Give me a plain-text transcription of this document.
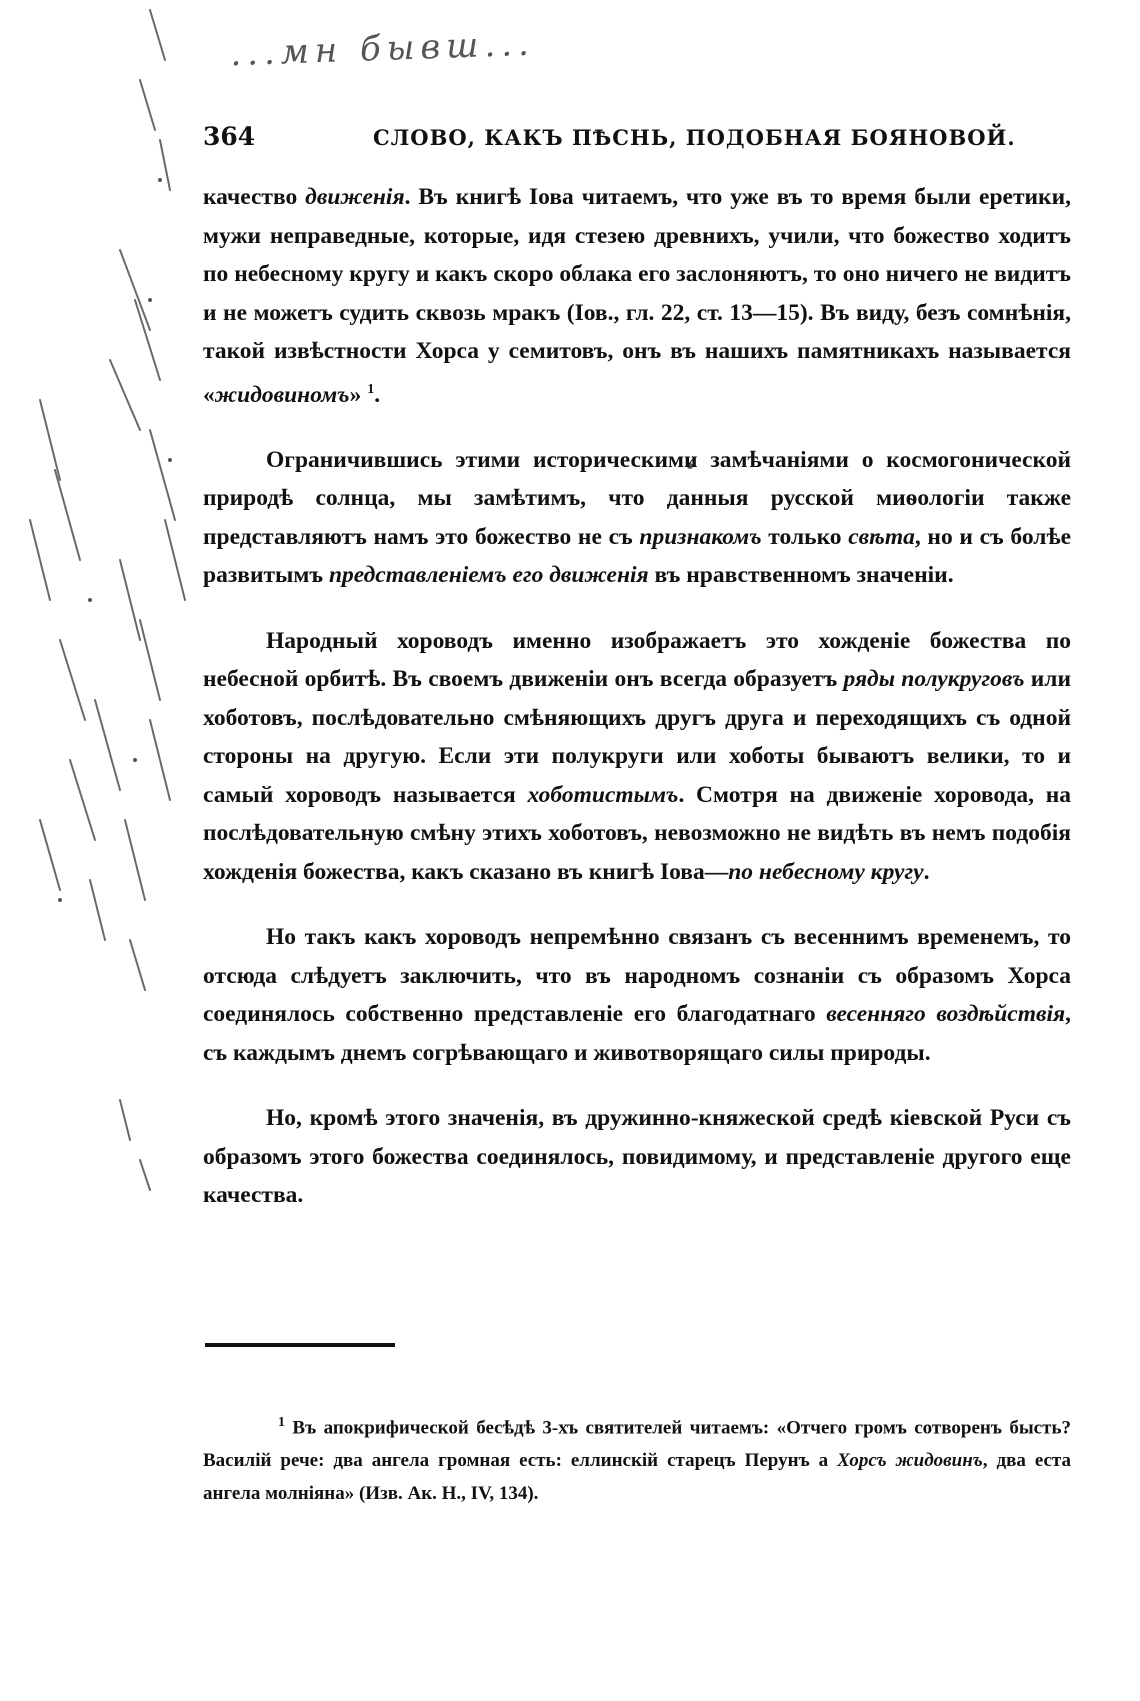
...мн бывш...
364	СЛОВО, КАКЪ ПѢСНЬ, ПОДОБНАЯ БОЯНОВОЙ.

качество движенія. Въ книгѣ Іова читаемъ, что уже въ то время были еретики, мужи неправедные, которые, идя стезею древнихъ, учили, что божество ходитъ по небесному кругу и какъ скоро облака его заслоняютъ, то оно ничего не видитъ и не можетъ судить сквозь мракъ (Іов., гл. 22, ст. 13—15). Въ виду, безъ сомнѣнія, такой извѣстности Хорса у семитовъ, онъ въ нашихъ памятникахъ называется «жидовиномъ» $^1$.

Ограничившись этими историческими замѣчаніями о космогонической природѣ солнца, мы замѣтимъ, что данныя русской миѳологіи также представляютъ намъ это божество не съ признакомъ только свѣта, но и съ болѣе развитымъ представленіемъ его движенія въ нравственномъ значеніи.

Народный хороводъ именно изображаетъ это хожденіе божества по небесной орбитѣ. Въ своемъ движеніи онъ всегда образуетъ ряды полукруговъ или хоботовъ, послѣдовательно смѣняющихъ другъ друга и переходящихъ съ одной стороны на другую. Если эти полукруги или хоботы бываютъ велики, то и самый хороводъ называется хоботистымъ. Смотря на движеніе хоровода, на послѣдовательную смѣну этихъ хоботовъ, невозможно не видѣть въ немъ подобія хожденія божества, какъ сказано въ книгѣ Іова—по небесному кругу.

Но такъ какъ хороводъ непремѣнно связанъ съ весеннимъ временемъ, то отсюда слѣдуетъ заключить, что въ народномъ сознаніи съ образомъ Хорса соединялось собственно представленіе его благодатнаго весенняго воздѣйствія, съ каждымъ днемъ согрѣвающаго и животворящаго силы природы.

Но, кромѣ этого значенія, въ дружинно-княжеской средѣ кіевской Руси съ образомъ этого божества соединялось, повидимому, и представленіе другого еще качества.

$^1$ Въ апокрифической бесѣдѣ 3-хъ святителей читаемъ: «Отчего громъ сотворенъ бысть? Василій рече: два ангела громная есть: еллинскій старецъ Перунъ а Хорсъ жидовинъ, два еста ангела молніяна» (Изв. Ак. Н., IV, 134).
